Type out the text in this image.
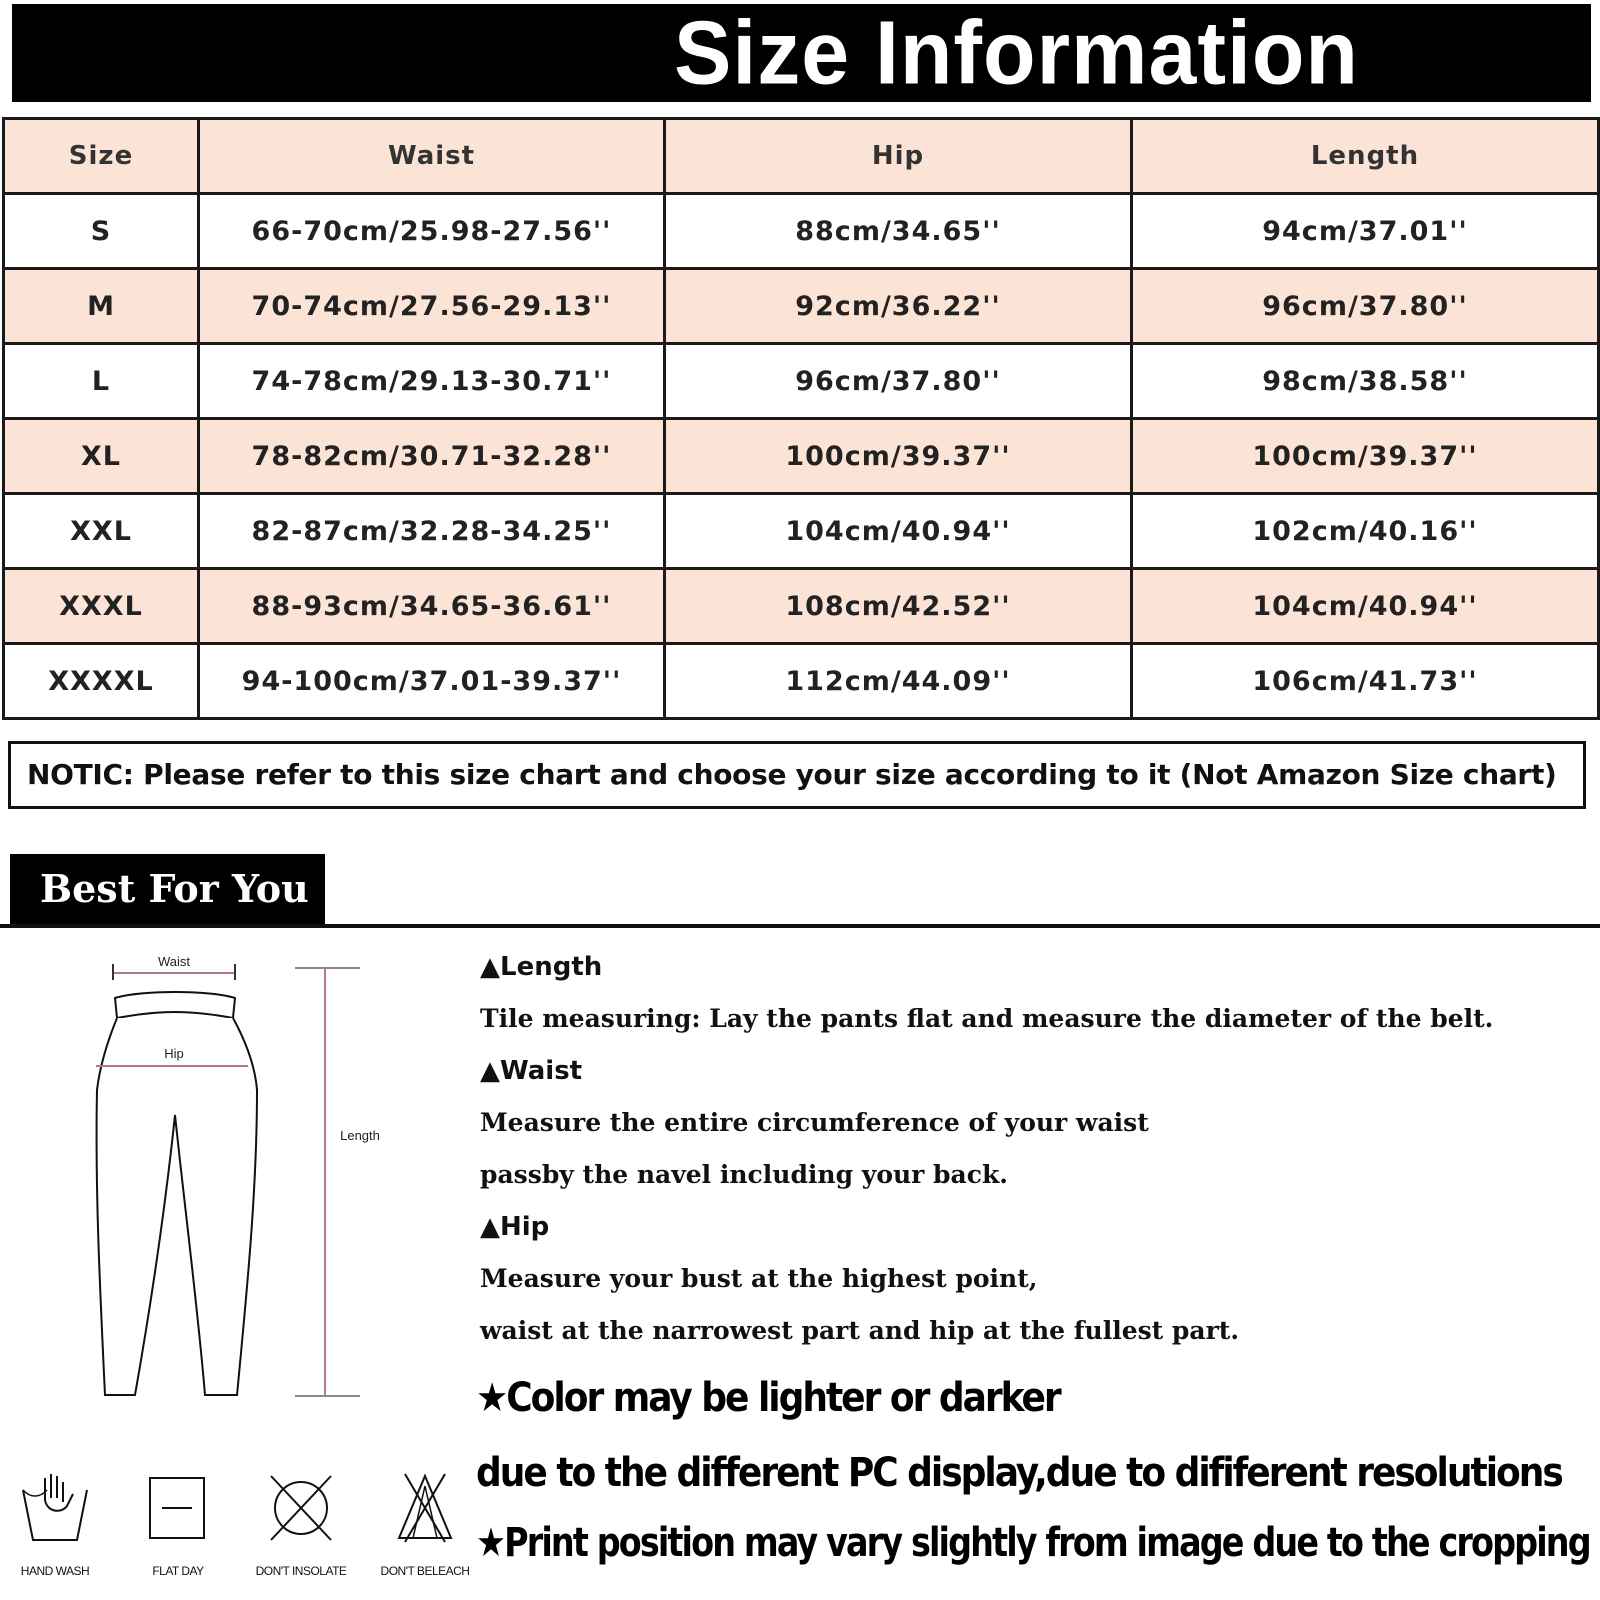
Size Information
Size	Waist	Hip	Length
S	66-70cm/25.98-27.56''	88cm/34.65''	94cm/37.01''
M	70-74cm/27.56-29.13''	92cm/36.22''	96cm/37.80''
L	74-78cm/29.13-30.71''	96cm/37.80''	98cm/38.58''
XL	78-82cm/30.71-32.28''	100cm/39.37''	100cm/39.37''
XXL	82-87cm/32.28-34.25''	104cm/40.94''	102cm/40.16''
XXXL	88-93cm/34.65-36.61''	108cm/42.52''	104cm/40.94''
XXXXL	94-100cm/37.01-39.37''	112cm/44.09''	106cm/41.73''
NOTIC: Please refer to this size chart and choose your size according to it (Not Amazon Size chart)
Best For You
Waist
Hip
Length
HAND WASH	FLAT DAY	DON'T INSOLATE	DON'T BELEACH
▲Length
Tile measuring: Lay the pants flat and measure the diameter of the belt.
▲Waist
Measure the entire circumference of your waist
passby the navel including your back.
▲Hip
Measure your bust at the highest point,
waist at the narrowest part and hip at the fullest part.
★Color may be lighter or darker
due to the different PC display,due to dififerent resolutions
★Print position may vary slightly from image due to the cropping
